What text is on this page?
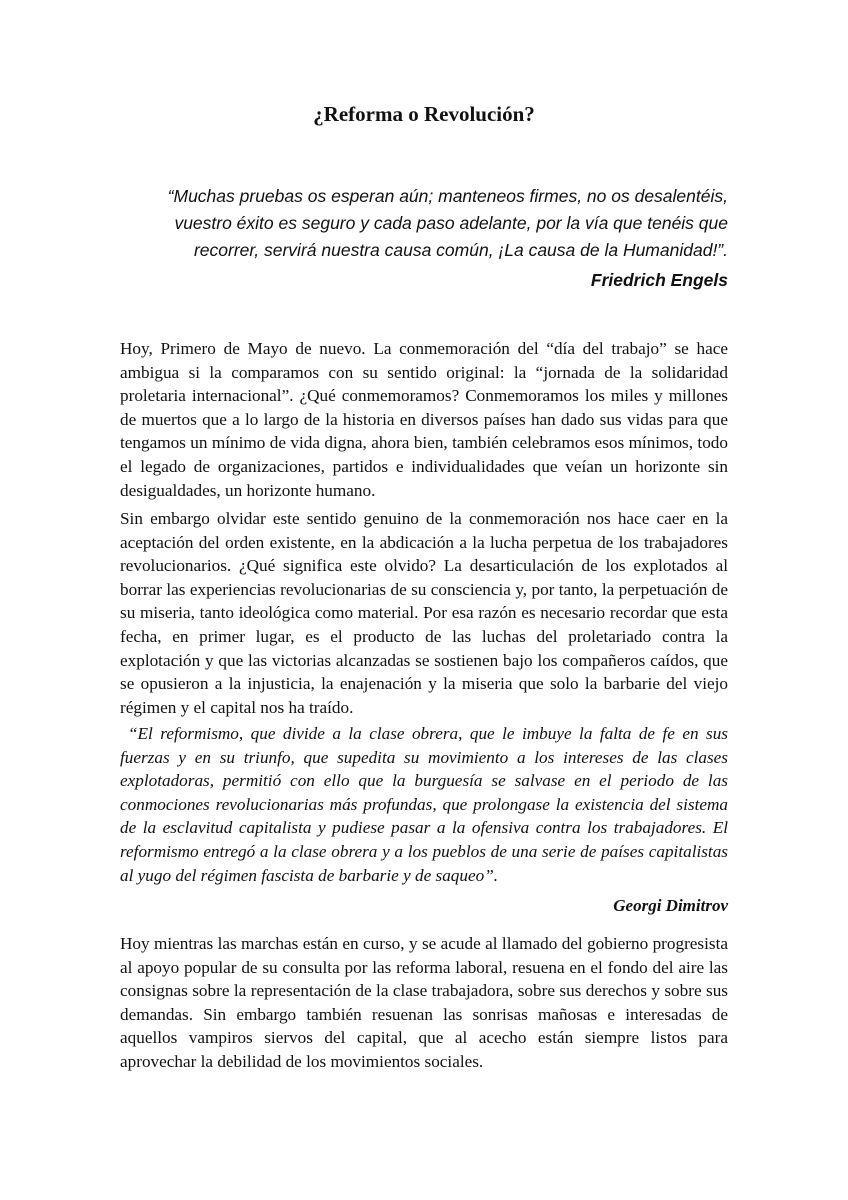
¿Reforma o Revolución?

“Muchas pruebas os esperan aún; manteneos firmes, no os desalentéis, vuestro éxito es seguro y cada paso adelante, por la vía que tenéis que recorrer, servirá nuestra causa común, ¡La causa de la Humanidad!”.

Friedrich Engels

Hoy, Primero de Mayo de nuevo. La conmemoración del “día del trabajo” se hace ambigua si la comparamos con su sentido original: la “jornada de la solidaridad proletaria internacional”. ¿Qué conmemoramos? Conmemoramos los miles y millones de muertos que a lo largo de la historia en diversos países han dado sus vidas para que tengamos un mínimo de vida digna, ahora bien, también celebramos esos mínimos, todo el legado de organizaciones, partidos e individualidades que veían un horizonte sin desigualdades, un horizonte humano.

Sin embargo olvidar este sentido genuino de la conmemoración nos hace caer en la aceptación del orden existente, en la abdicación a la lucha perpetua de los trabajadores revolucionarios. ¿Qué significa este olvido? La desarticulación de los explotados al borrar las experiencias revolucionarias de su consciencia y, por tanto, la perpetuación de su miseria, tanto ideológica como material. Por esa razón es necesario recordar que esta fecha, en primer lugar, es el producto de las luchas del proletariado contra la explotación y que las victorias alcanzadas se sostienen bajo los compañeros caídos, que se opusieron a la injusticia, la enajenación y la miseria que solo la barbarie del viejo régimen y el capital nos ha traído.

“El reformismo, que divide a la clase obrera, que le imbuye la falta de fe en sus fuerzas y en su triunfo, que supedita su movimiento a los intereses de las clases explotadoras, permitió con ello que la burguesía se salvase en el periodo de las conmociones revolucionarias más profundas, que prolongase la existencia del sistema de la esclavitud capitalista y pudiese pasar a la ofensiva contra los trabajadores. El reformismo entregó a la clase obrera y a los pueblos de una serie de países capitalistas al yugo del régimen fascista de barbarie y de saqueo”.

Georgi Dimitrov

Hoy mientras las marchas están en curso, y se acude al llamado del gobierno progresista al apoyo popular de su consulta por las reforma laboral, resuena en el fondo del aire las consignas sobre la representación de la clase trabajadora, sobre sus derechos y sobre sus demandas. Sin embargo también resuenan las sonrisas mañosas e interesadas de aquellos vampiros siervos del capital, que al acecho están siempre listos para aprovechar la debilidad de los movimientos sociales.
